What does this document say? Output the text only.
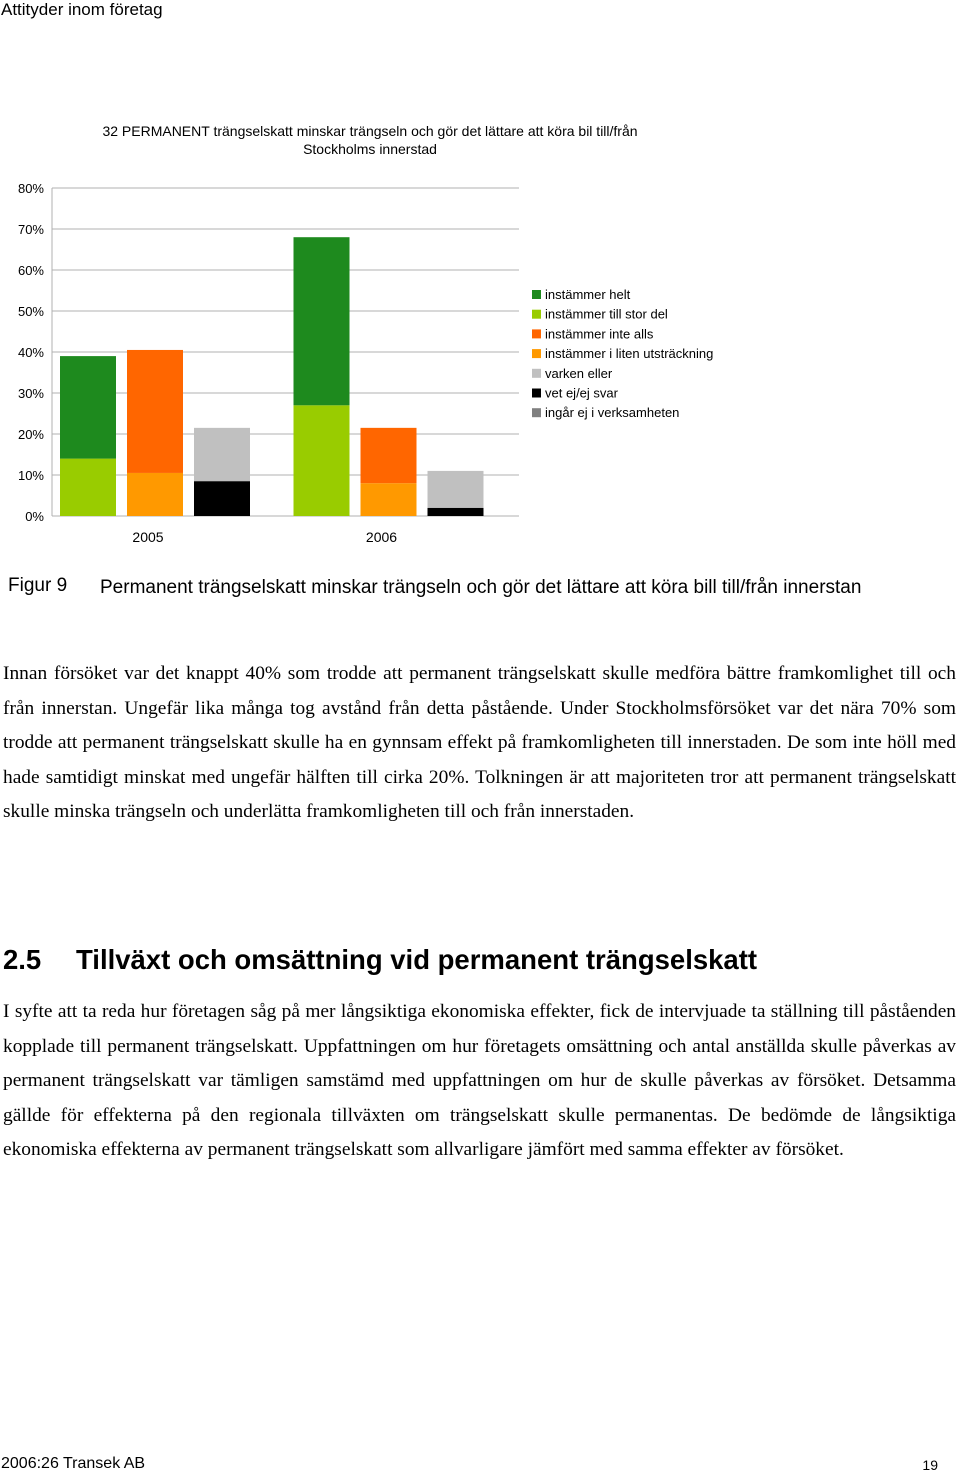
Attityder inom företag
32 PERMANENT trängselskatt minskar trängseln och gör det lättare att köra bil till/från
Stockholms innerstad
0%
10%
20%
30%
40%
50%
60%
70%
80%
2005	2006
instämmer helt
instämmer till stor del
instämmer inte alls
instämmer i liten utsträckning
varken eller
vet ej/ej svar
ingår ej i verksamheten
Figur 9 Permanent trängselskatt minskar trängseln och gör det lättare att köra bill till/från innerstan

Innan försöket var det knappt 40% som trodde att permanent trängselskatt skulle medföra bättre framkomlighet till och från innerstan. Ungefär lika många tog avstånd från detta påstående. Under Stockholmsförsöket var det nära 70% som trodde att permanent trängselskatt skulle ha en gynnsam effekt på framkomligheten till innerstaden. De som inte höll med hade samtidigt minskat med ungefär hälften till cirka 20%. Tolkningen är att majoriteten tror att permanent trängselskatt skulle minska trängseln och underlätta framkomligheten till och från innerstaden.

2.5 Tillväxt och omsättning vid permanent trängselskatt

I syfte att ta reda hur företagen såg på mer långsiktiga ekonomiska effekter, fick de intervjuade ta ställning till påståenden kopplade till permanent trängselskatt. Uppfattningen om hur företagets omsättning och antal anställda skulle påverkas av permanent trängselskatt var tämligen samstämd med uppfattningen om hur de skulle påverkas av försöket. Detsamma gällde för effekterna på den regionala tillväxten om trängselskatt skulle permanentas. De bedömde de långsiktiga ekonomiska effekterna av permanent trängselskatt som allvarligare jämfört med samma effekter av försöket.

2006:26 Transek AB	19
